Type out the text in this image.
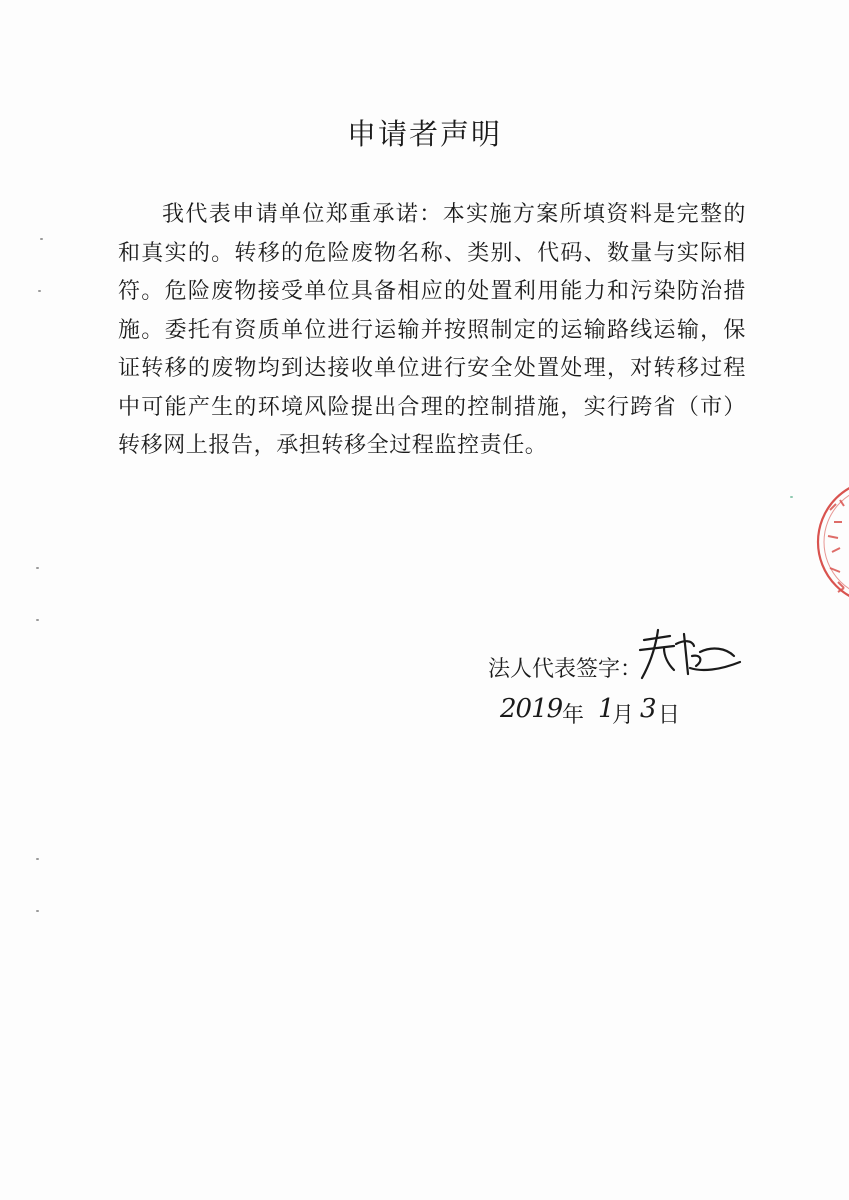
申请者声明

我代表申请单位郑重承诺：本实施方案所填资料是完整的和真实的。转移的危险废物名称、类别、代码、数量与实际相符。危险废物接受单位具备相应的处置利用能力和污染防治措施。委托有资质单位进行运输并按照制定的运输路线运输，保证转移的废物均到达接收单位进行安全处置处理，对转移过程中可能产生的环境风险提出合理的控制措施，实行跨省（市）转移网上报告，承担转移全过程监控责任。

法人代表签字：
2019 年 1
月 3 日
